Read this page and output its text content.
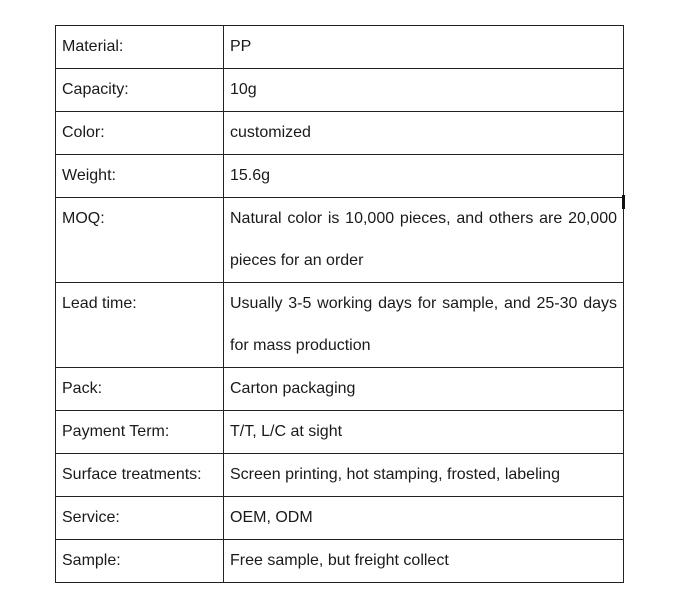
Material:	PP
Capacity:	10g
Color:	customized
Weight:	15.6g
MOQ:	Natural color is 10,000 pieces, and others are 20,000 pieces for an order
Lead time:	Usually 3-5 working days for sample, and 25-30 days for mass production
Pack:	Carton packaging
Payment Term:	T/T, L/C at sight
Surface treatments:	Screen printing, hot stamping, frosted, labeling
Service:	OEM, ODM
Sample:	Free sample, but freight collect
